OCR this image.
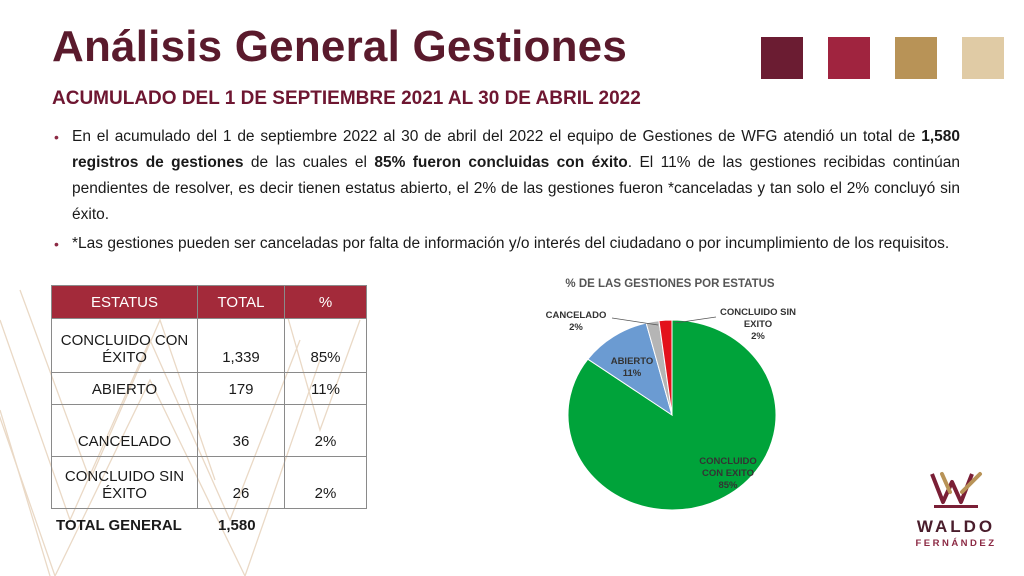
Análisis General Gestiones
ACUMULADO DEL 1 DE SEPTIEMBRE 2021 AL 30 DE ABRIL 2022
• En el acumulado del 1 de septiembre 2022 al 30 de abril del 2022 el equipo de Gestiones de WFG atendió un total de 1,580 registros de gestiones de las cuales el 85% fueron concluidas con éxito. El 11% de las gestiones recibidas continúan pendientes de resolver, es decir tienen estatus abierto, el 2% de las gestiones fueron *canceladas y tan solo el 2% concluyó sin éxito.
• *Las gestiones pueden ser canceladas por falta de información y/o interés del ciudadano o por incumplimiento de los requisitos.
ESTATUS	TOTAL	%
CONCLUIDO CON ÉXITO	1,339	85%
ABIERTO	179	11%
CANCELADO	36	2%
CONCLUIDO SIN ÉXITO	26	2%
TOTAL GENERAL 1,580
% DE LAS GESTIONES POR ESTATUS
CANCELADO
2%
CONCLUIDO SIN
EXITO
2%
ABIERTO
11%
CONCLUIDO
CON EXITO
85%
WALDO
FERNÁNDEZ
